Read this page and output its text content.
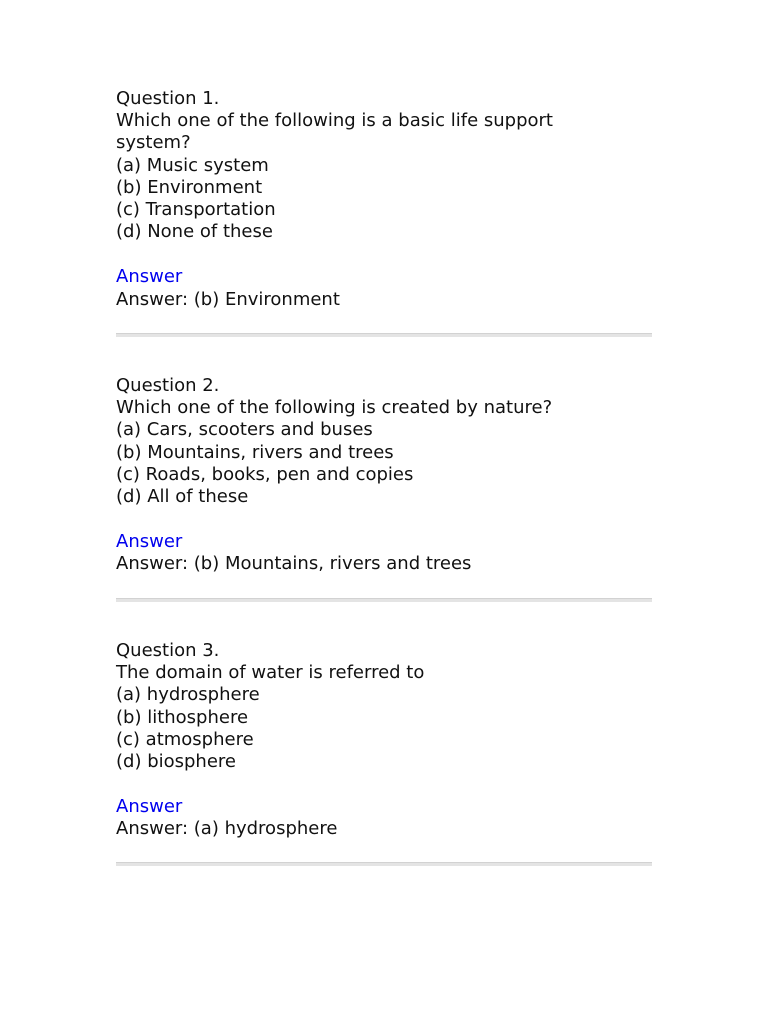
Question 1.
Which one of the following is a basic life support
system?
(a) Music system
(b) Environment
(c) Transportation
(d) None of these
Answer
Answer: (b) Environment
Question 2.
Which one of the following is created by nature?
(a) Cars, scooters and buses
(b) Mountains, rivers and trees
(c) Roads, books, pen and copies
(d) All of these
Answer
Answer: (b) Mountains, rivers and trees
Question 3.
The domain of water is referred to
(a) hydrosphere
(b) lithosphere
(c) atmosphere
(d) biosphere
Answer
Answer: (a) hydrosphere
